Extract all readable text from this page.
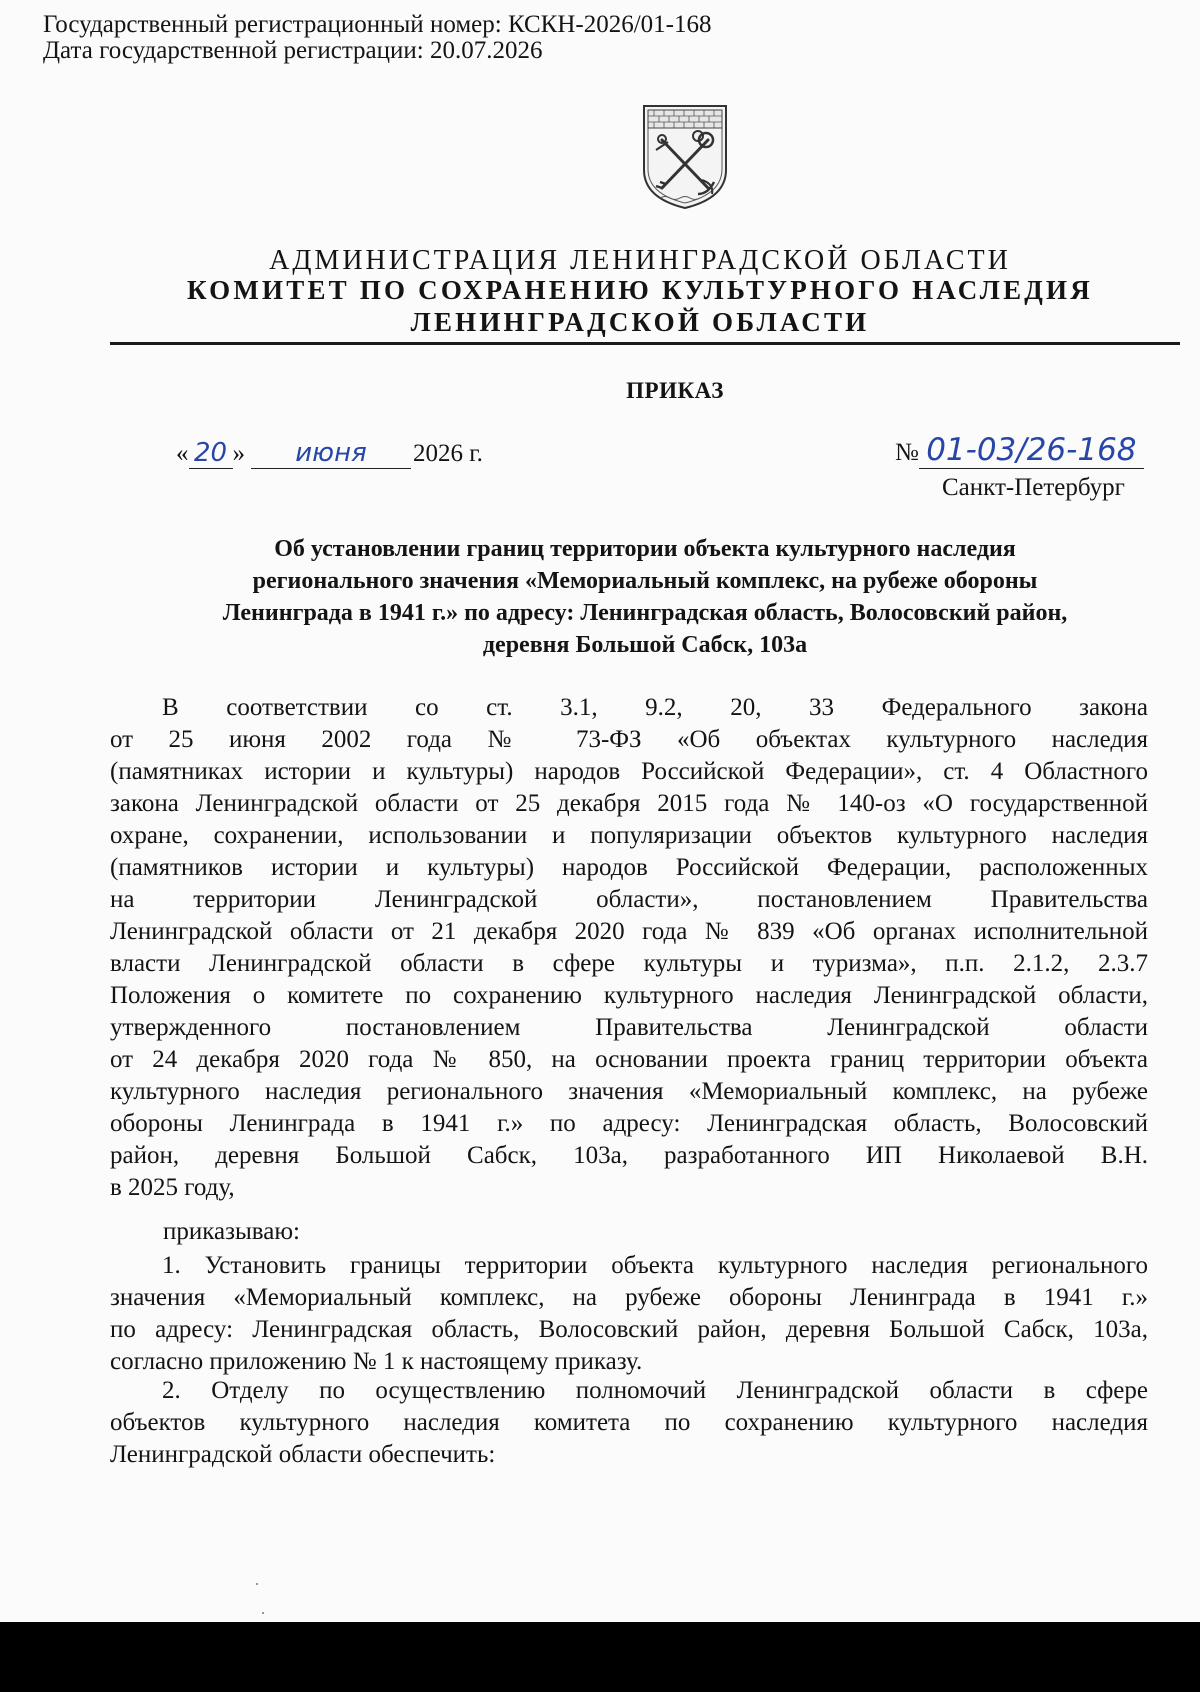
Государственный регистрационный номер: КСКН-2026/01-168
Дата государственной регистрации: 20.07.2026
АДМИНИСТРАЦИЯ ЛЕНИНГРАДСКОЙ ОБЛАСТИ
КОМИТЕТ ПО СОХРАНЕНИЮ КУЛЬТУРНОГО НАСЛЕДИЯ
ЛЕНИНГРАДСКОЙ ОБЛАСТИ
ПРИКАЗ
« 20 » июня 2026 г.	№ 01-03/26-168
Санкт-Петербург
Об установлении границ территории объекта культурного наследия
регионального значения «Мемориальный комплекс, на рубеже обороны
Ленинграда в 1941 г.» по адресу: Ленинградская область, Волосовский район,
деревня Большой Сабск, 103а
В соответствии со ст. 3.1, 9.2, 20, 33 Федерального закона
от 25 июня 2002 года № 73-ФЗ «Об объектах культурного наследия
(памятниках истории и культуры) народов Российской Федерации», ст. 4 Областного
закона Ленинградской области от 25 декабря 2015 года № 140-оз «О государственной
охране, сохранении, использовании и популяризации объектов культурного наследия
(памятников истории и культуры) народов Российской Федерации, расположенных
на территории Ленинградской области», постановлением Правительства
Ленинградской области от 21 декабря 2020 года № 839 «Об органах исполнительной
власти Ленинградской области в сфере культуры и туризма», п.п. 2.1.2, 2.3.7
Положения о комитете по сохранению культурного наследия Ленинградской области,
утвержденного постановлением Правительства Ленинградской области
от 24 декабря 2020 года № 850, на основании проекта границ территории объекта
культурного наследия регионального значения «Мемориальный комплекс, на рубеже
обороны Ленинграда в 1941 г.» по адресу: Ленинградская область, Волосовский
район, деревня Большой Сабск, 103а, разработанного ИП Николаевой В.Н.
в 2025 году,
приказываю:
1. Установить границы территории объекта культурного наследия регионального
значения «Мемориальный комплекс, на рубеже обороны Ленинграда в 1941 г.»
по адресу: Ленинградская область, Волосовский район, деревня Большой Сабск, 103а,
согласно приложению № 1 к настоящему приказу.
2. Отделу по осуществлению полномочий Ленинградской области в сфере
объектов культурного наследия комитета по сохранению культурного наследия
Ленинградской области обеспечить:
